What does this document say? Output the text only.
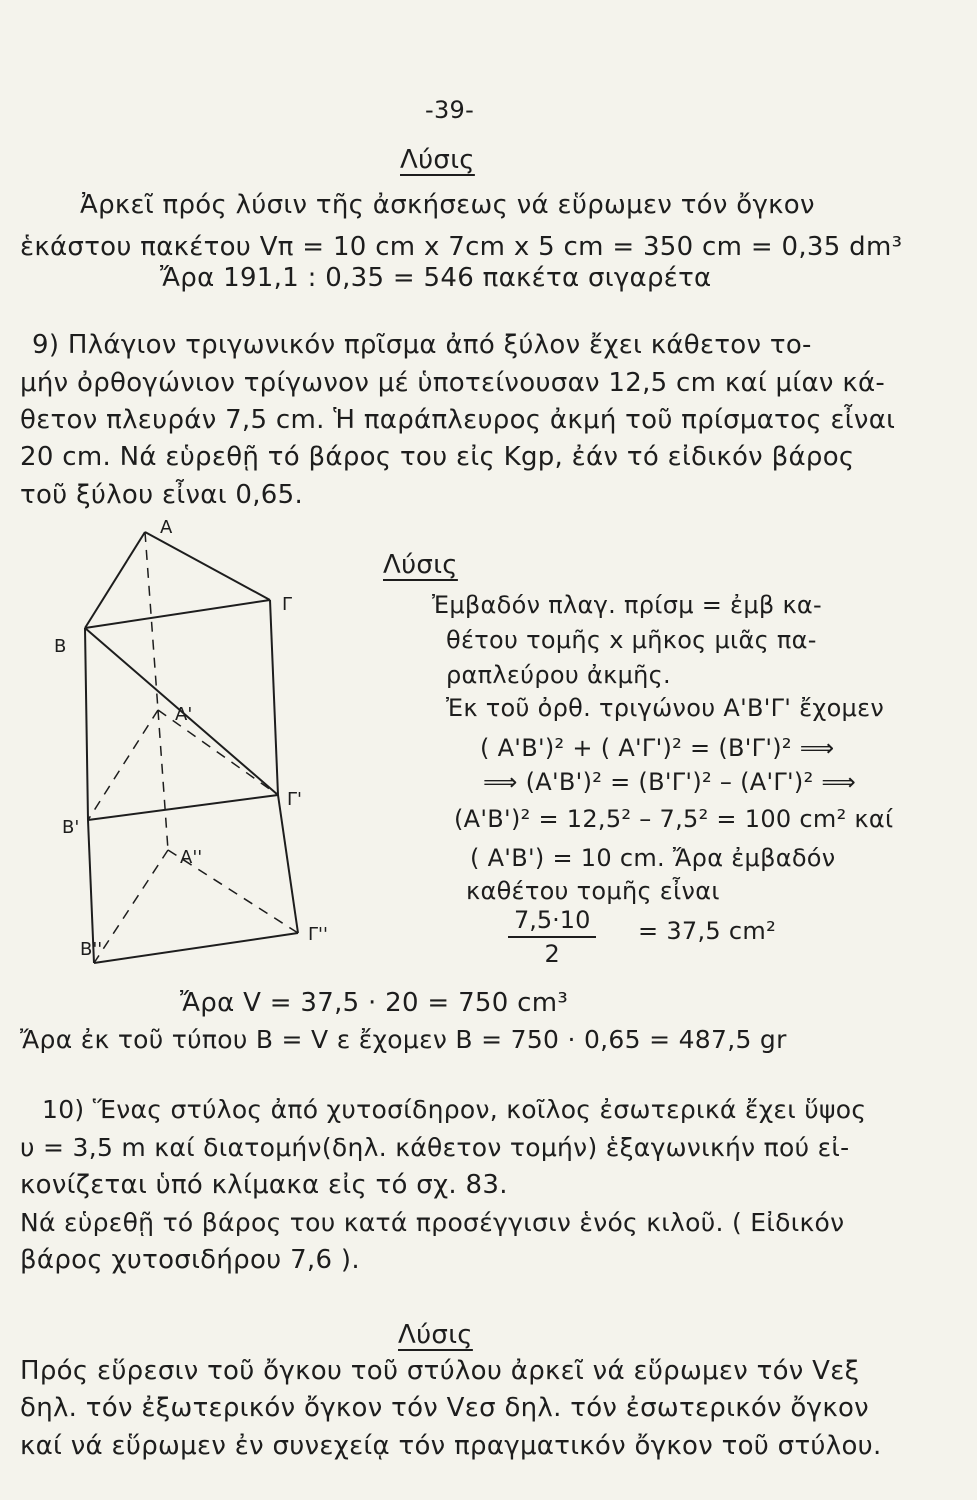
-39-
Λύσις
Ἀρκεῖ πρός λύσιν τῆς ἀσκήσεως νά εὕρωμεν τόν ὄγκον
ἑκάστου πακέτου Vπ = 10 cm x 7cm x 5 cm = 350 cm = 0,35 dm³
Ἄρα 191,1 : 0,35 = 546 πακέτα σιγαρέτα
9) Πλάγιον τριγωνικόν πρῖσμα ἀπό ξύλον ἔχει κάθετον το-
μήν ὀρθογώνιον τρίγωνον μέ ὑποτείνουσαν 12,5 cm καί μίαν κά-
θετον πλευράν 7,5 cm. Ἡ παράπλευρος ἀκμή τοῦ πρίσματος εἶναι
20 cm. Νά εὑρεθῇ τό βάρος του εἰς Kgp, ἐάν τό εἰδικόν βάρος
τοῦ ξύλου εἶναι 0,65.
A
B
Γ
A'
B'
Γ'
A''
B''
Γ''
Λύσις
Ἐμβαδόν πλαγ. πρίσμ = ἐμβ κα-
θέτου τομῆς x μῆκος μιᾶς πα-
ραπλεύρου ἀκμῆς.
Ἐκ τοῦ ὀρθ. τριγώνου Α'Β'Γ' ἔχομεν
( A'B')² + ( A'Γ')² = (B'Γ')² ⟹
⟹ (A'B')² = (B'Γ')² – (A'Γ')² ⟹
(A'B')² = 12,5² – 7,5² = 100 cm² καί
( A'B') = 10 cm. Ἄρα ἐμβαδόν
καθέτου τομῆς εἶναι
$\frac{7,5\cdot 10}{2} = 37,5$ cm²
Ἄρα V = 37,5 · 20 = 750 cm³
Ἄρα ἐκ τοῦ τύπου B = V ε ἔχομεν B = 750 · 0,65 = 487,5 gr
10) Ἕνας στύλος ἀπό χυτοσίδηρον, κοῖλος ἐσωτερικά ἔχει ὕψος
υ = 3,5 m καί διατομήν(δηλ. κάθετον τομήν) ἑξαγωνικήν πού εἰ-
κονίζεται ὑπό κλίμακα εἰς τό σχ. 83.
Νά εὑρεθῇ τό βάρος του κατά προσέγγισιν ἑνός κιλοῦ. ( Εἰδικόν
βάρος χυτοσιδήρου 7,6 ).
Λύσις
Πρός εὕρεσιν τοῦ ὄγκου τοῦ στύλου ἀρκεῖ νά εὕρωμεν τόν Vεξ
δηλ. τόν ἐξωτερικόν ὄγκον τόν Vεσ δηλ. τόν ἐσωτερικόν ὄγκον
καί νά εὕρωμεν ἐν συνεχείᾳ τόν πραγματικόν ὄγκον τοῦ στύλου.
